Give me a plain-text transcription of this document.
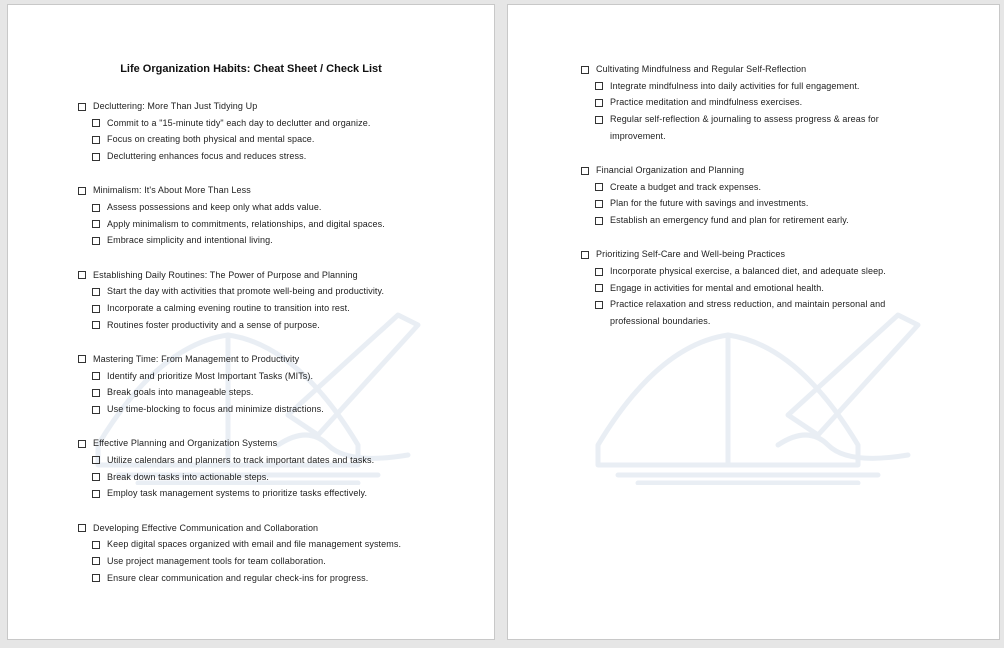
Life Organization Habits: Cheat Sheet / Check List
Decluttering: More Than Just Tidying Up
Commit to a "15-minute tidy" each day to declutter and organize.
Focus on creating both physical and mental space.
Decluttering enhances focus and reduces stress.
Minimalism: It's About More Than Less
Assess possessions and keep only what adds value.
Apply minimalism to commitments, relationships, and digital spaces.
Embrace simplicity and intentional living.
Establishing Daily Routines: The Power of Purpose and Planning
Start the day with activities that promote well-being and productivity.
Incorporate a calming evening routine to transition into rest.
Routines foster productivity and a sense of purpose.
Mastering Time: From Management to Productivity
Identify and prioritize Most Important Tasks (MITs).
Break goals into manageable steps.
Use time-blocking to focus and minimize distractions.
Effective Planning and Organization Systems
Utilize calendars and planners to track important dates and tasks.
Break down tasks into actionable steps.
Employ task management systems to prioritize tasks effectively.
Developing Effective Communication and Collaboration
Keep digital spaces organized with email and file management systems.
Use project management tools for team collaboration.
Ensure clear communication and regular check-ins for progress.
Cultivating Mindfulness and Regular Self-Reflection
Integrate mindfulness into daily activities for full engagement.
Practice meditation and mindfulness exercises.
Regular self-reflection & journaling to assess progress & areas for improvement.
Financial Organization and Planning
Create a budget and track expenses.
Plan for the future with savings and investments.
Establish an emergency fund and plan for retirement early.
Prioritizing Self-Care and Well-being Practices
Incorporate physical exercise, a balanced diet, and adequate sleep.
Engage in activities for mental and emotional health.
Practice relaxation and stress reduction, and maintain personal and professional boundaries.
